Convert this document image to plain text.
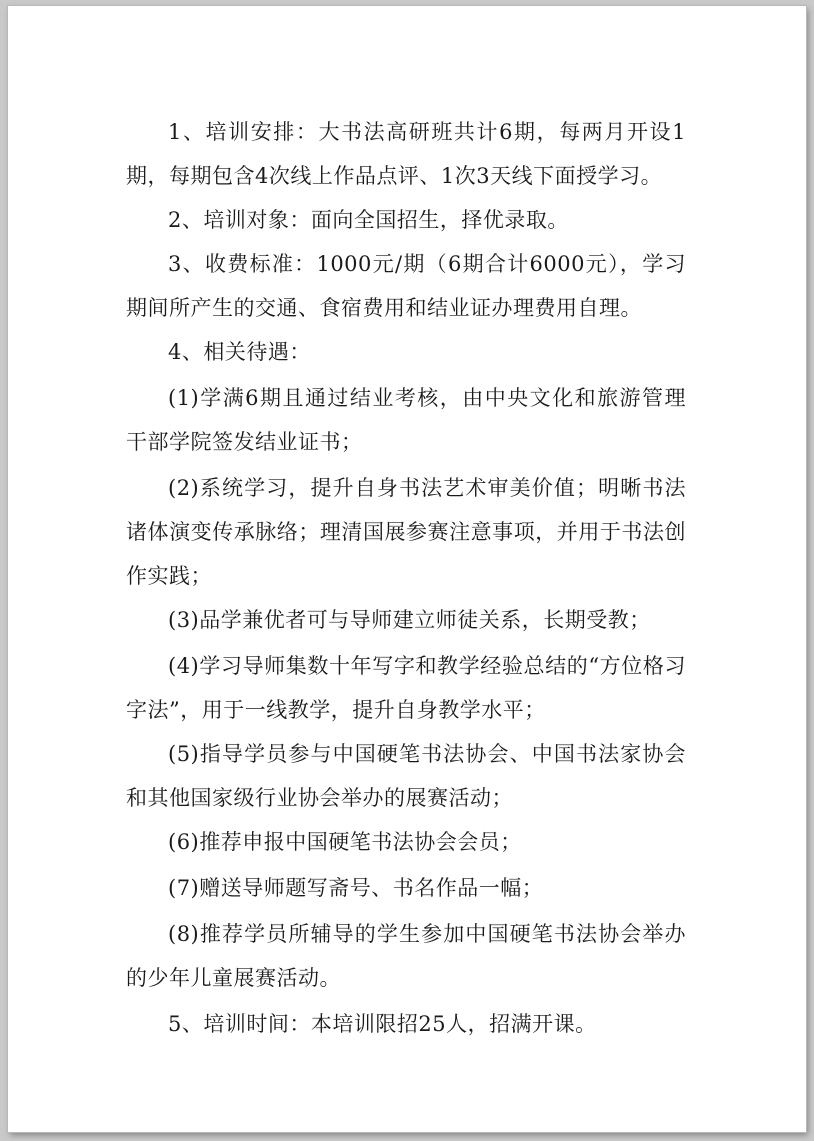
1、培训安排：大书法高研班共计6期，每两月开设1期，每期包含4次线上作品点评、1次3天线下面授学习。

2、培训对象：面向全国招生，择优录取。

3、收费标准：1000元/期（6期合计6000元），学习期间所产生的交通、食宿费用和结业证办理费用自理。

4、相关待遇：

(1)学满6期且通过结业考核，由中央文化和旅游管理干部学院签发结业证书；

(2)系统学习，提升自身书法艺术审美价值；明晰书法诸体演变传承脉络；理清国展参赛注意事项，并用于书法创作实践；

(3)品学兼优者可与导师建立师徒关系，长期受教；

(4)学习导师集数十年写字和教学经验总结的“方位格习字法”，用于一线教学，提升自身教学水平；

(5)指导学员参与中国硬笔书法协会、中国书法家协会和其他国家级行业协会举办的展赛活动；

(6)推荐申报中国硬笔书法协会会员；

(7)赠送导师题写斋号、书名作品一幅；

(8)推荐学员所辅导的学生参加中国硬笔书法协会举办的少年儿童展赛活动。

5、培训时间：本培训限招25人，招满开课。
